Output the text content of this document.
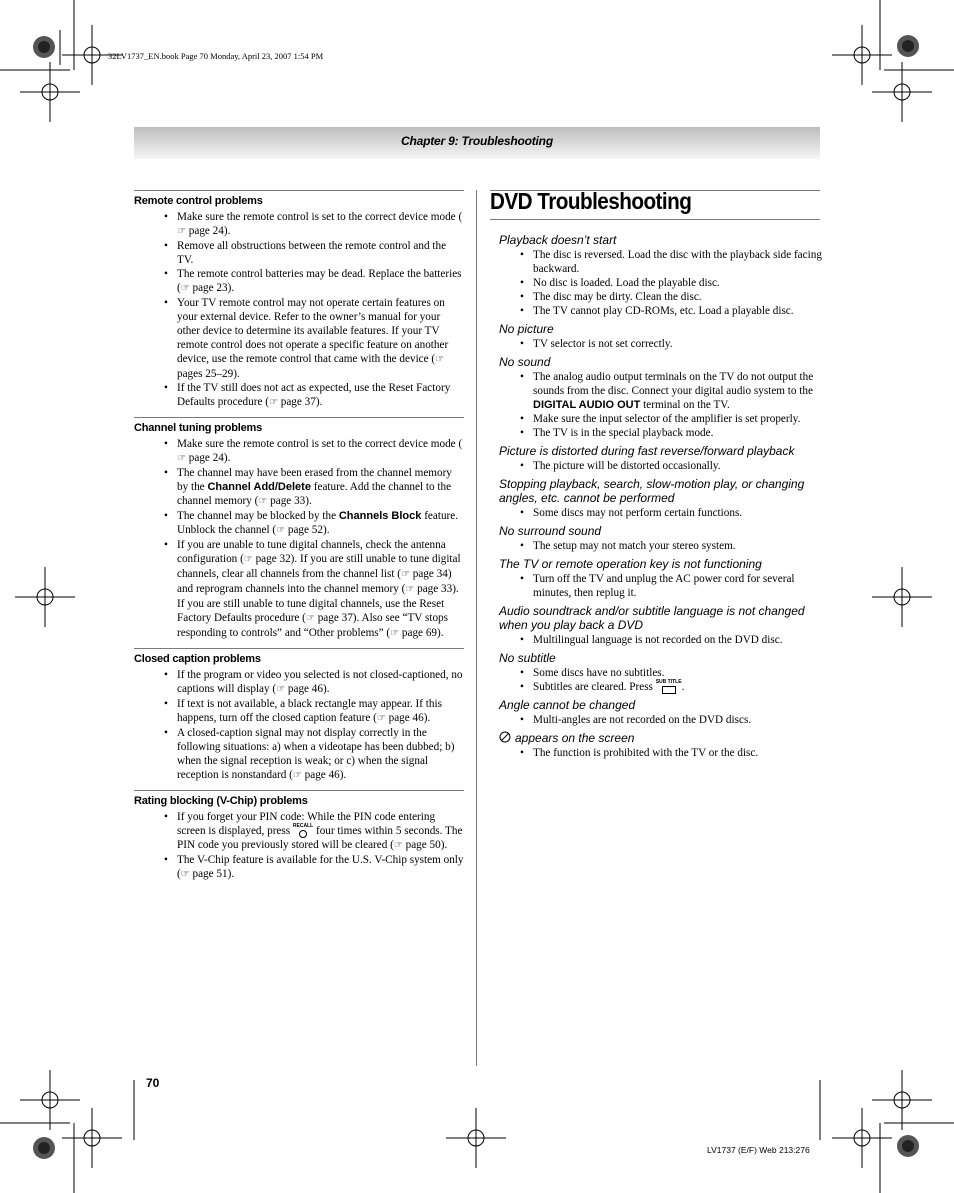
32LV1737_EN.book Page 70 Monday, April 23, 2007 1:54 PM
Chapter 9: Troubleshooting
Remote control problems
• Make sure the remote control is set to the correct device mode (☞ page 24).
• Remove all obstructions between the remote control and the TV.
• The remote control batteries may be dead. Replace the batteries (☞ page 23).
• Your TV remote control may not operate certain features on your external device. Refer to the owner’s manual for your other device to determine its available features. If your TV remote control does not operate a specific feature on another device, use the remote control that came with the device (☞ pages 25–29).
• If the TV still does not act as expected, use the Reset Factory Defaults procedure (☞ page 37).
Channel tuning problems
• Make sure the remote control is set to the correct device mode (☞ page 24).
• The channel may have been erased from the channel memory by the Channel Add/Delete feature. Add the channel to the channel memory (☞ page 33).
• The channel may be blocked by the Channels Block feature. Unblock the channel (☞ page 52).
• If you are unable to tune digital channels, check the antenna configuration (☞ page 32). If you are still unable to tune digital channels, clear all channels from the channel list (☞ page 34) and reprogram channels into the channel memory (☞ page 33). If you are still unable to tune digital channels, use the Reset Factory Defaults procedure (☞ page 37). Also see “TV stops responding to controls” and “Other problems” (☞ page 69).
Closed caption problems
• If the program or video you selected is not closed-captioned, no captions will display (☞ page 46).
• If text is not available, a black rectangle may appear. If this happens, turn off the closed caption feature (☞ page 46).
• A closed-caption signal may not display correctly in the following situations: a) when a videotape has been dubbed; b) when the signal reception is weak; or c) when the signal reception is nonstandard (☞ page 46).
Rating blocking (V-Chip) problems
• If you forget your PIN code: While the PIN code entering screen is displayed, press RECALL
four times within 5 seconds. The PIN code you previously stored will be cleared (☞ page 50).
• The V-Chip feature is available for the U.S. V-Chip system only (☞ page 51).
DVD Troubleshooting
Playback doesn’t start
• The disc is reversed. Load the disc with the playback side facing backward.
• No disc is loaded. Load the playable disc.
• The disc may be dirty. Clean the disc.
• The TV cannot play CD-ROMs, etc. Load a playable disc.
No picture
• TV selector is not set correctly.
No sound
• The analog audio output terminals on the TV do not output the sounds from the disc. Connect your digital audio system to the DIGITAL AUDIO OUT terminal on the TV.
• Make sure the input selector of the amplifier is set properly.
• The TV is in the special playback mode.
Picture is distorted during fast reverse/forward playback
• The picture will be distorted occasionally.
Stopping playback, search, slow-motion play, or changing angles, etc. cannot be performed
• Some discs may not perform certain functions.
No surround sound
• The setup may not match your stereo system.
The TV or remote operation key is not functioning
• Turn off the TV and unplug the AC power cord for several minutes, then replug it.
Audio soundtrack and/or subtitle language is not changed when you play back a DVD
• Multilingual language is not recorded on the DVD disc.
No subtitle
• Some discs have no subtitles.
• Subtitles are cleared. Press SUB TITLE
.
Angle cannot be changed
• Multi-angles are not recorded on the DVD discs.
appears on the screen
• The function is prohibited with the TV or the disc.
70
LV1737 (E/F) Web 213:276
